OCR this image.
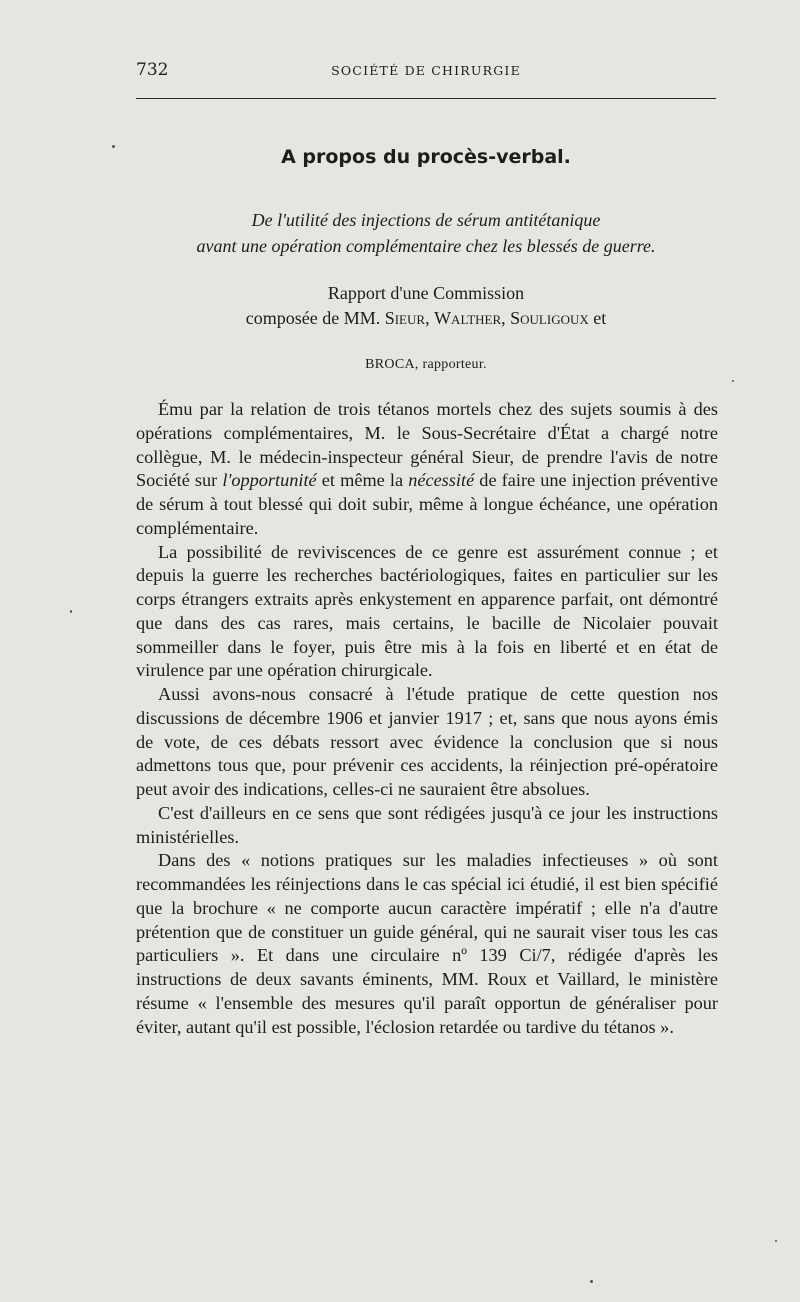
732	SOCIÉTÉ DE CHIRURGIE
A propos du procès-verbal.
De l'utilité des injections de sérum antitétanique
avant une opération complémentaire chez les blessés de guerre.
Rapport d'une Commission
composée de MM. Sieur, Walther, Souligoux et
BROCA, rapporteur.

Ému par la relation de trois tétanos mortels chez des sujets soumis à des opérations complémentaires, M. le Sous-Secrétaire d'État a chargé notre collègue, M. le médecin-inspecteur général Sieur, de prendre l'avis de notre Société sur l'opportunité et même la nécessité de faire une injection préventive de sérum à tout blessé qui doit subir, même à longue échéance, une opération complémentaire.

La possibilité de reviviscences de ce genre est assurément connue ; et depuis la guerre les recherches bactériologiques, faites en particulier sur les corps étrangers extraits après enkystement en apparence parfait, ont démontré que dans des cas rares, mais certains, le bacille de Nicolaier pouvait sommeiller dans le foyer, puis être mis à la fois en liberté et en état de virulence par une opération chirurgicale.

Aussi avons-nous consacré à l'étude pratique de cette question nos discussions de décembre 1906 et janvier 1917 ; et, sans que nous ayons émis de vote, de ces débats ressort avec évidence la conclusion que si nous admettons tous que, pour prévenir ces accidents, la réinjection pré-opératoire peut avoir des indications, celles-ci ne sauraient être absolues.

C'est d'ailleurs en ce sens que sont rédigées jusqu'à ce jour les instructions ministérielles.

Dans des « notions pratiques sur les maladies infectieuses » où sont recommandées les réinjections dans le cas spécial ici étudié, il est bien spécifié que la brochure « ne comporte aucun caractère impératif ; elle n'a d'autre prétention que de constituer un guide général, qui ne saurait viser tous les cas particuliers ». Et dans une circulaire nº 139 Ci/7, rédigée d'après les instructions de deux savants éminents, MM. Roux et Vaillard, le ministère résume « l'ensemble des mesures qu'il paraît opportun de généraliser pour éviter, autant qu'il est possible, l'éclosion retardée ou tardive du tétanos ».
